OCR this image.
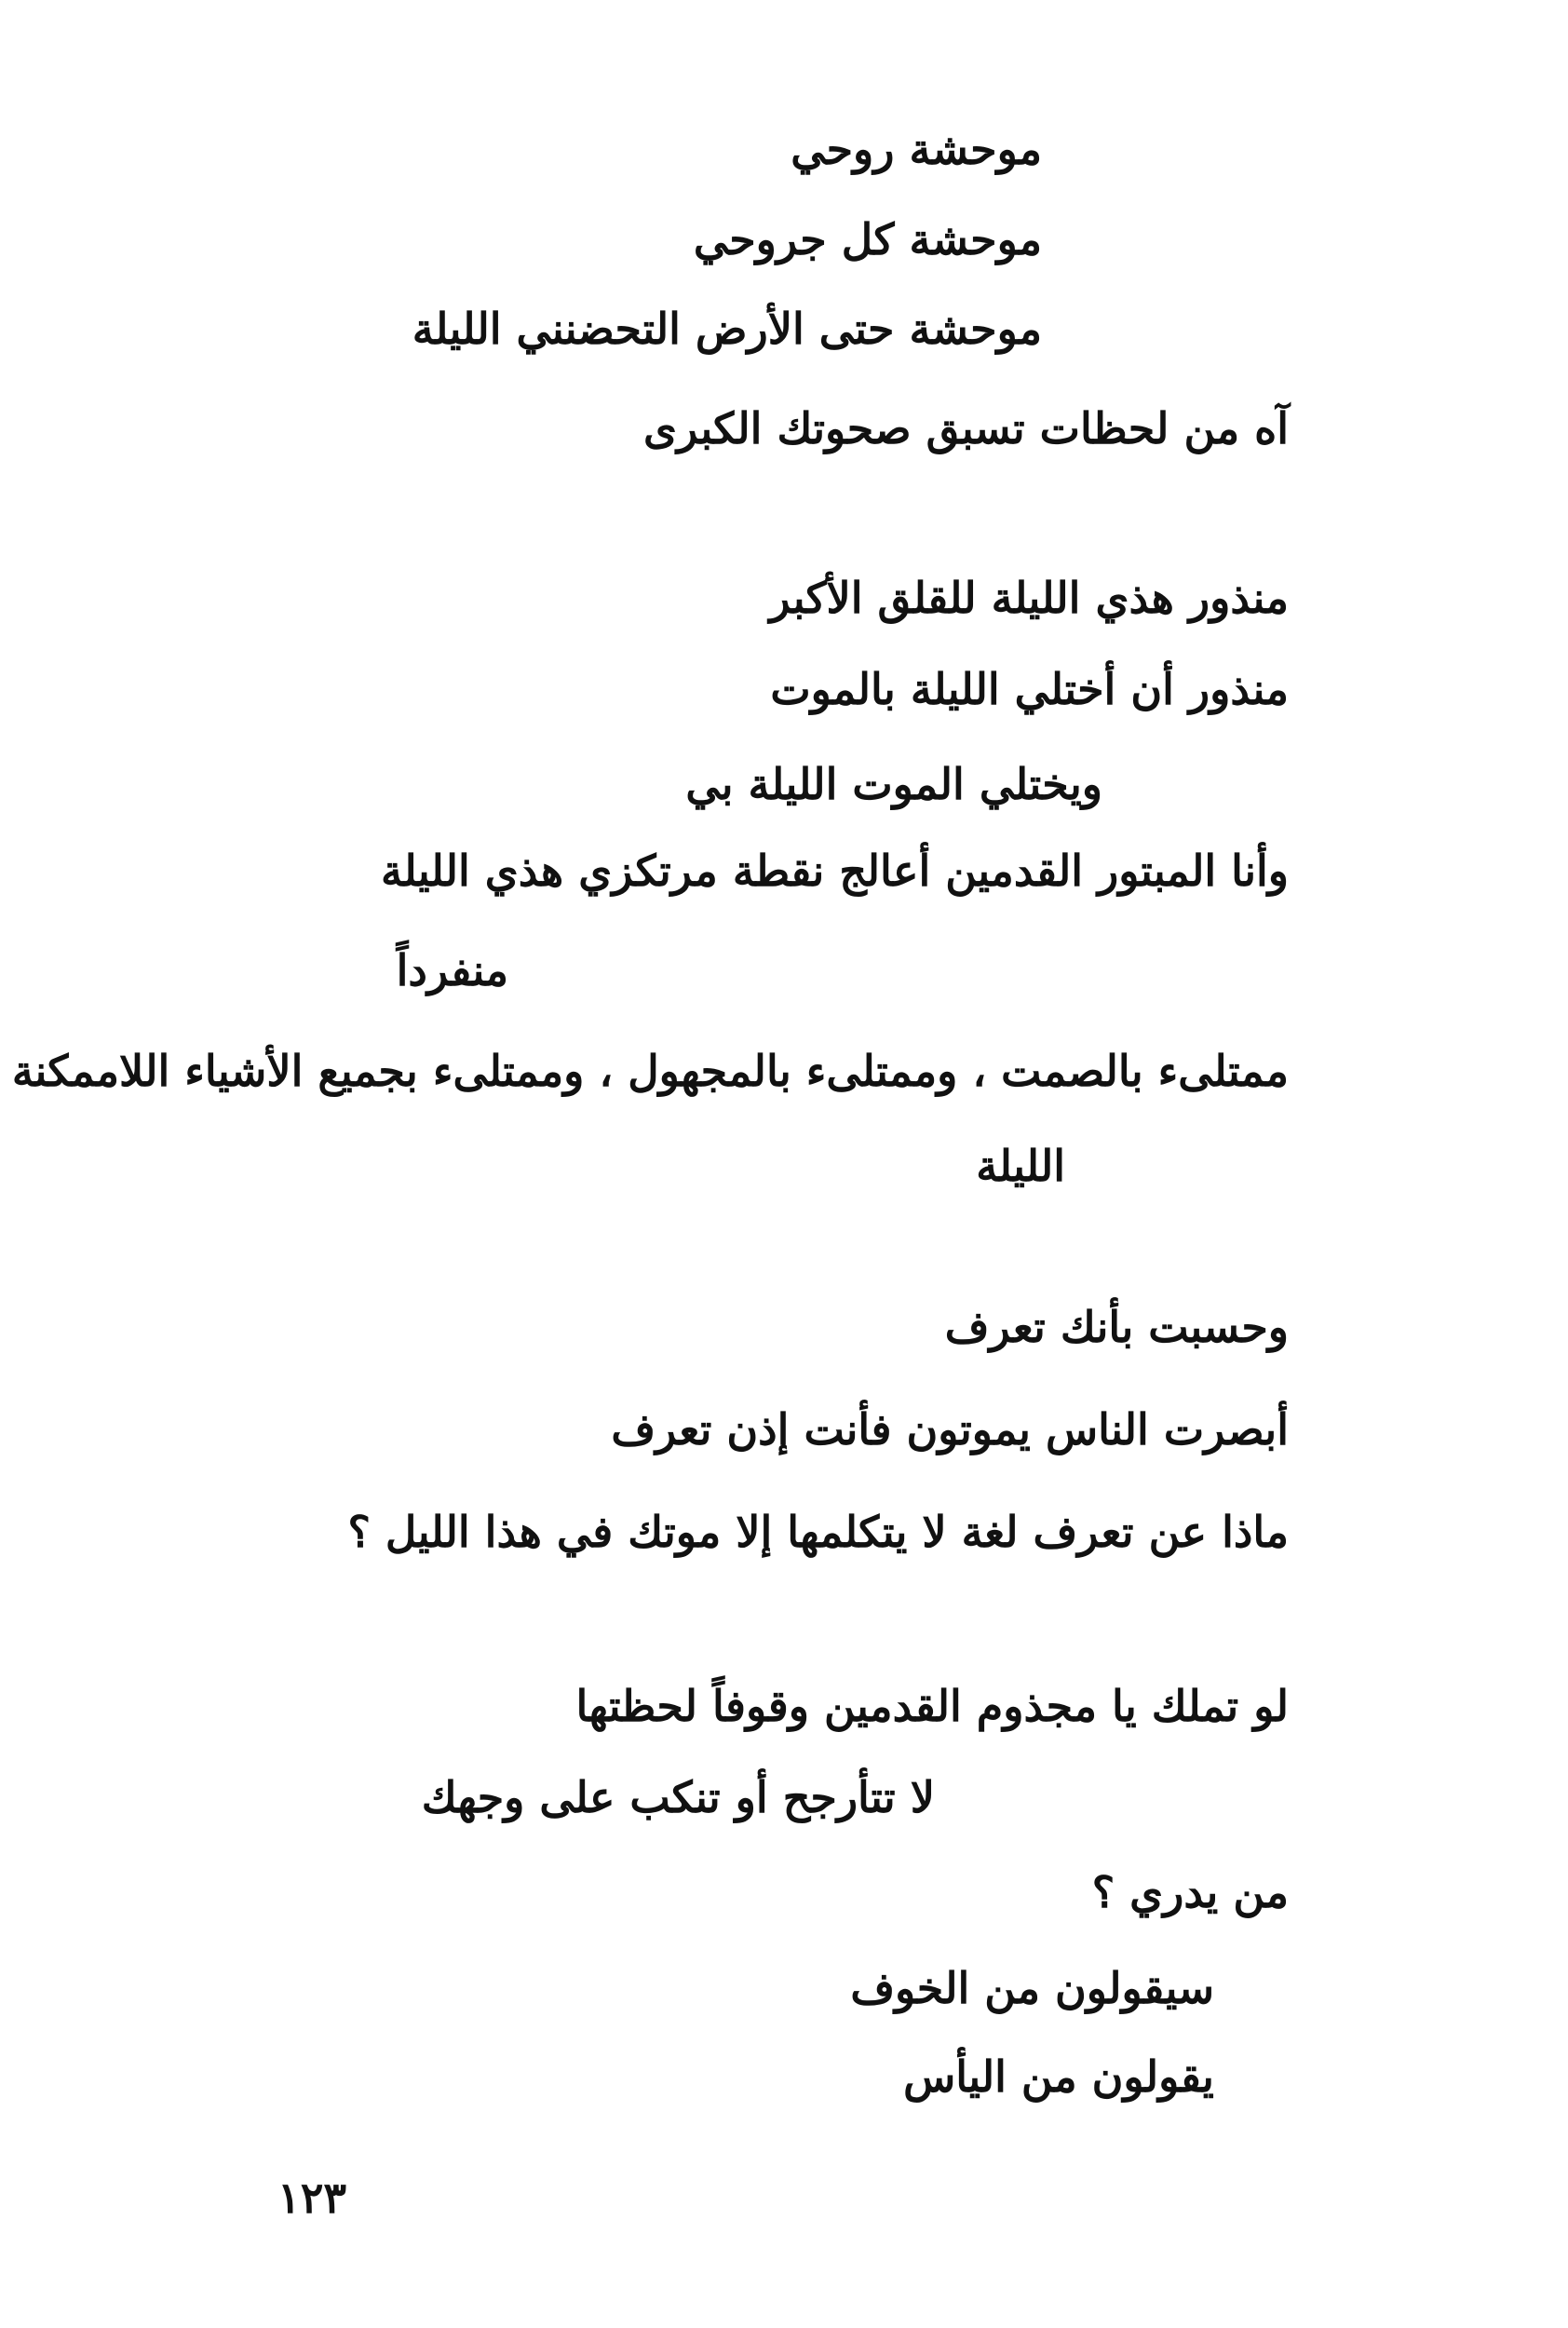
موحشة روحي
موحشة كل جروحي
موحشة حتى الأرض التحضنني الليلة
آه من لحظات تسبق صحوتك الكبرى
منذور هذي الليلة للقلق الأكبر
منذور أن أختلي الليلة بالموت
ويختلي الموت الليلة بي
وأنا المبتور القدمين أعالج نقطة مرتكزي هذي الليلة
منفرداً
ممتلىء بالصمت ، وممتلىء بالمجهول ، وممتلىء بجميع الأشياء اللاممكنة
الليلة
وحسبت بأنك تعرف
أبصرت الناس يموتون فأنت إذن تعرف
ماذا عن تعرف لغة لا يتكلمها إلا موتك في هذا الليل ؟
لو تملك يا مجذوم القدمين وقوفاً لحظتها
لا تتأرجح أو تنكب على وجهك
من يدري ؟
سيقولون من الخوف
يقولون من اليأس
١٢٣
